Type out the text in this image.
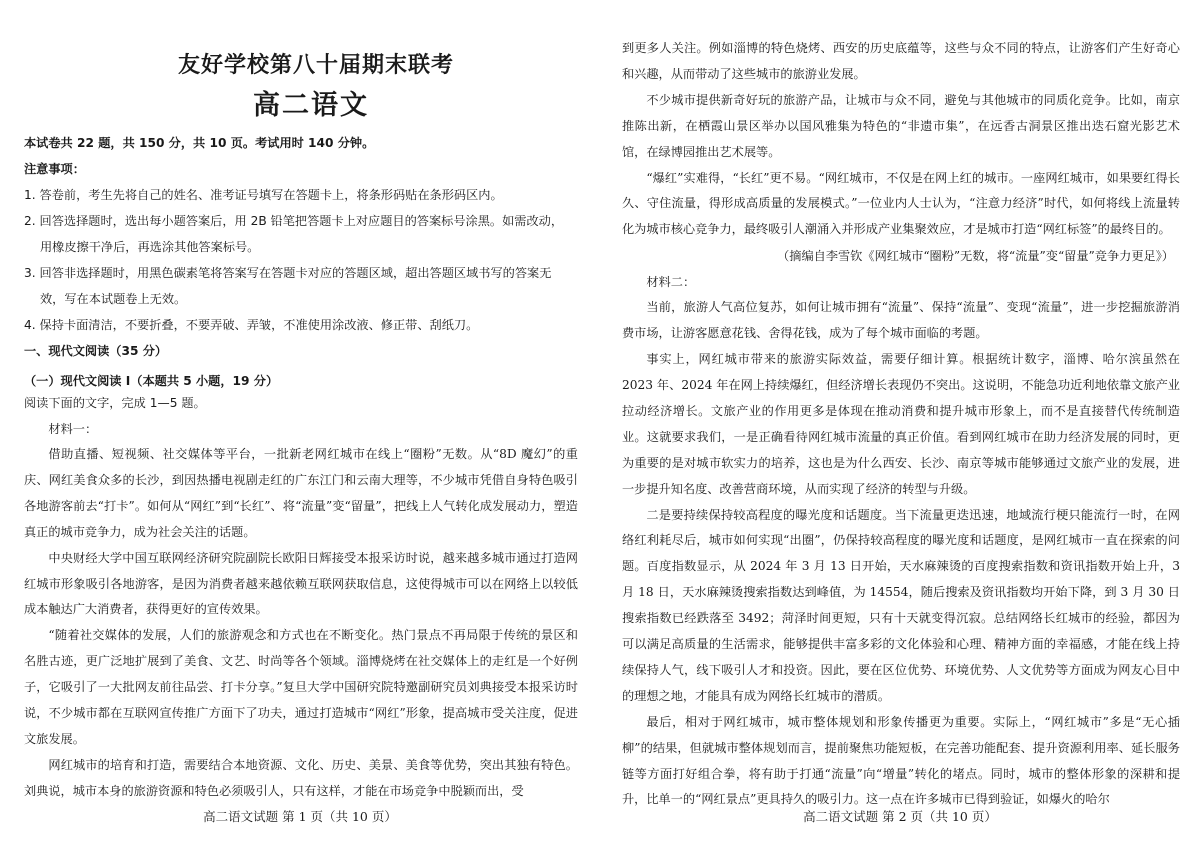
友好学校第八十届期末联考
高二语文
本试卷共 22 题，共 150 分，共 10 页。考试用时 140 分钟。
注意事项：
1. 答卷前，考生先将自己的姓名、准考证号填写在答题卡上，将条形码贴在条形码区内。
2. 回答选择题时，选出每小题答案后，用 2B 铅笔把答题卡上对应题目的答案标号涂黑。如需改动，
用橡皮擦干净后，再选涂其他答案标号。
3. 回答非选择题时，用黑色碳素笔将答案写在答题卡对应的答题区域，超出答题区域书写的答案无
效，写在本试题卷上无效。
4. 保持卡面清洁，不要折叠，不要弄破、弄皱，不准使用涂改液、修正带、刮纸刀。
一、现代文阅读（35 分）
（一）现代文阅读 I（本题共 5 小题，19 分）
阅读下面的文字，完成 1—5 题。
材料一：

借助直播、短视频、社交媒体等平台，一批新老网红城市在线上“圈粉”无数。从“8D 魔幻”的重庆、网红美食众多的长沙，到因热播电视剧走红的广东江门和云南大理等，不少城市凭借自身特色吸引各地游客前去“打卡”。如何从“网红”到“长红”、将“流量”变“留量”，把线上人气转化成发展动力，塑造真正的城市竞争力，成为社会关注的话题。

中央财经大学中国互联网经济研究院副院长欧阳日辉接受本报采访时说，越来越多城市通过打造网红城市形象吸引各地游客，是因为消费者越来越依赖互联网获取信息，这使得城市可以在网络上以较低成本触达广大消费者，获得更好的宣传效果。

“随着社交媒体的发展，人们的旅游观念和方式也在不断变化。热门景点不再局限于传统的景区和名胜古迹，更广泛地扩展到了美食、文艺、时尚等各个领域。淄博烧烤在社交媒体上的走红是一个好例子，它吸引了一大批网友前往品尝、打卡分享。”复旦大学中国研究院特邀副研究员刘典接受本报采访时说，不少城市都在互联网宣传推广方面下了功夫，通过打造城市“网红”形象，提高城市受关注度，促进文旅发展。

网红城市的培育和打造，需要结合本地资源、文化、历史、美景、美食等优势，突出其独有特色。刘典说，城市本身的旅游资源和特色必须吸引人，只有这样，才能在市场竞争中脱颖而出，受

高二语文试题 第 1 页（共 10 页）

到更多人关注。例如淄博的特色烧烤、西安的历史底蕴等，这些与众不同的特点，让游客们产生好奇心和兴趣，从而带动了这些城市的旅游业发展。

不少城市提供新奇好玩的旅游产品，让城市与众不同，避免与其他城市的同质化竞争。比如，南京推陈出新，在栖霞山景区举办以国风雅集为特色的“非遗市集”，在远香古洞景区推出迭石窟光影艺术馆，在绿博园推出艺术展等。

“爆红”实难得，“长红”更不易。“网红城市，不仅是在网上红的城市。一座网红城市，如果要红得长久、守住流量，得形成高质量的发展模式。”一位业内人士认为，“注意力经济”时代，如何将线上流量转化为城市核心竞争力，最终吸引人潮涌入并形成产业集聚效应，才是城市打造“网红标签”的最终目的。

（摘编自李雪钦《网红城市“圈粉”无数，将“流量”变“留量”竞争力更足》）
材料二：

当前，旅游人气高位复苏，如何让城市拥有“流量”、保持“流量”、变现“流量”，进一步挖掘旅游消费市场，让游客愿意花钱、舍得花钱，成为了每个城市面临的考题。

事实上，网红城市带来的旅游实际效益，需要仔细计算。根据统计数字，淄博、哈尔滨虽然在 2023 年、2024 年在网上持续爆红，但经济增长表现仍不突出。这说明，不能急功近利地依靠文旅产业拉动经济增长。文旅产业的作用更多是体现在推动消费和提升城市形象上，而不是直接替代传统制造业。这就要求我们，一是正确看待网红城市流量的真正价值。看到网红城市在助力经济发展的同时，更为重要的是对城市软实力的培养，这也是为什么西安、长沙、南京等城市能够通过文旅产业的发展，进一步提升知名度、改善营商环境，从而实现了经济的转型与升级。

二是要持续保持较高程度的曝光度和话题度。当下流量更迭迅速，地域流行梗只能流行一时，在网络红利耗尽后，城市如何实现“出圈”，仍保持较高程度的曝光度和话题度，是网红城市一直在探索的问题。百度指数显示，从 2024 年 3 月 13 日开始，天水麻辣烫的百度搜索指数和资讯指数开始上升，3 月 18 日，天水麻辣烫搜索指数达到峰值，为 14554，随后搜索及资讯指数均开始下降，到 3 月 30 日搜索指数已经跌落至 3492；菏泽时间更短，只有十天就变得沉寂。总结网络长红城市的经验，都因为可以满足高质量的生活需求，能够提供丰富多彩的文化体验和心理、精神方面的幸福感，才能在线上持续保持人气，线下吸引人才和投资。因此，要在区位优势、环境优势、人文优势等方面成为网友心目中的理想之地，才能具有成为网络长红城市的潜质。

最后，相对于网红城市，城市整体规划和形象传播更为重要。实际上，“网红城市”多是“无心插柳”的结果，但就城市整体规划而言，提前聚焦功能短板，在完善功能配套、提升资源利用率、延长服务链等方面打好组合拳，将有助于打通“流量”向“增量”转化的堵点。同时，城市的整体形象的深耕和提升，比单一的“网红景点”更具持久的吸引力。这一点在许多城市已得到验证，如爆火的哈尔

高二语文试题 第 2 页（共 10 页）
